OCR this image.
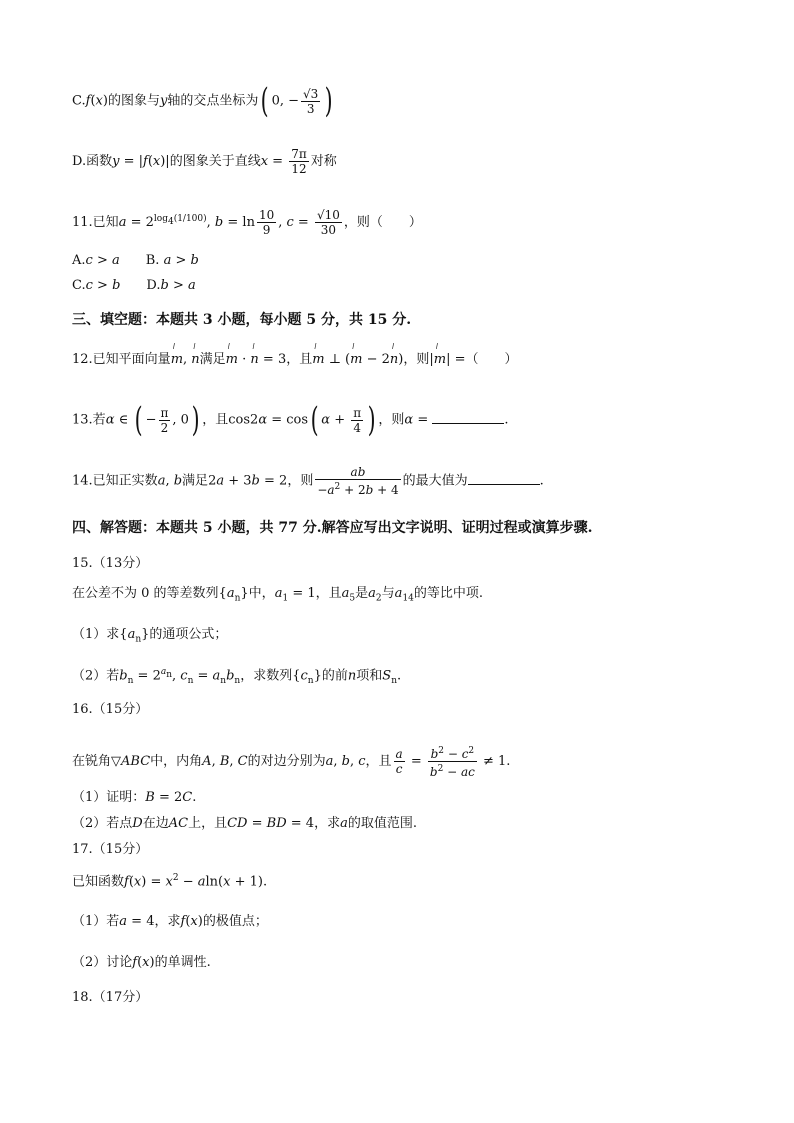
C.f(x)的图象与y轴的交点坐标为( 0, − $\frac{√3}{3}$ )
D.函数y = |f(x)|的图象关于直线$x = \frac{7\pi}{12}$ 对称
11.已知$a = 2^{log_4(1/100)}$, $b = \ln \frac{10}{9}$ , $c = \frac{√10}{30}$ ，则（　　）
A.c > a   B. a > b
C.c > b   D.b > a
三、填空题：本题共 3 小题，每小题 5 分，共 15 分.
12.已知平面向量ǀ m, ǀ n满足ǀ m · ǀ n = 3，且ǀ m ⊥ (ǀ m − 2ǀ n)，则|ǀ m| =（　　）
13.若α ∈ ( − $\frac{\pi}{2}$ , 0) ，且cos2α = cos( $\alpha + \frac{\pi}{4}$ ) ，则α =	.
14.已知正实数a, b满足2a + 3b = 2，则 $\frac{ab}{-a^2 + 2b + 4}$ 的最大值为	.
四、解答题：本题共 5 小题，共 77 分.解答应写出文字说明、证明过程或演算步骤.
15.（13分）
在公差不为 0 的等差数列$\{a_n\}$中，$a_1 = 1$，且$a_5$是$a_2$与$a_{14}$的等比中项.
（1）求$\{a_n\}$的通项公式；
（2）若$b_n = 2^{a_n}$, $c_n = a_nb_n$，求数列$\{c_n\}$的前n项和$S_n$.
16.（15分）
在锐角▽ABC中，内角A, B, C的对边分别为a, b, c，且 $\frac{a}{c} = \frac{b^2 - c^2}{b^2 - ac} \ne 1$.
（1）证明：B = 2C.
（2）若点D在边AC上，且CD = BD = 4，求a的取值范围.
17.（15分）
已知函数$f(x) = x^2 - aln(x + 1)$.
（1）若a = 4，求f(x)的极值点；
（2）讨论f(x)的单调性.
18.（17分）
